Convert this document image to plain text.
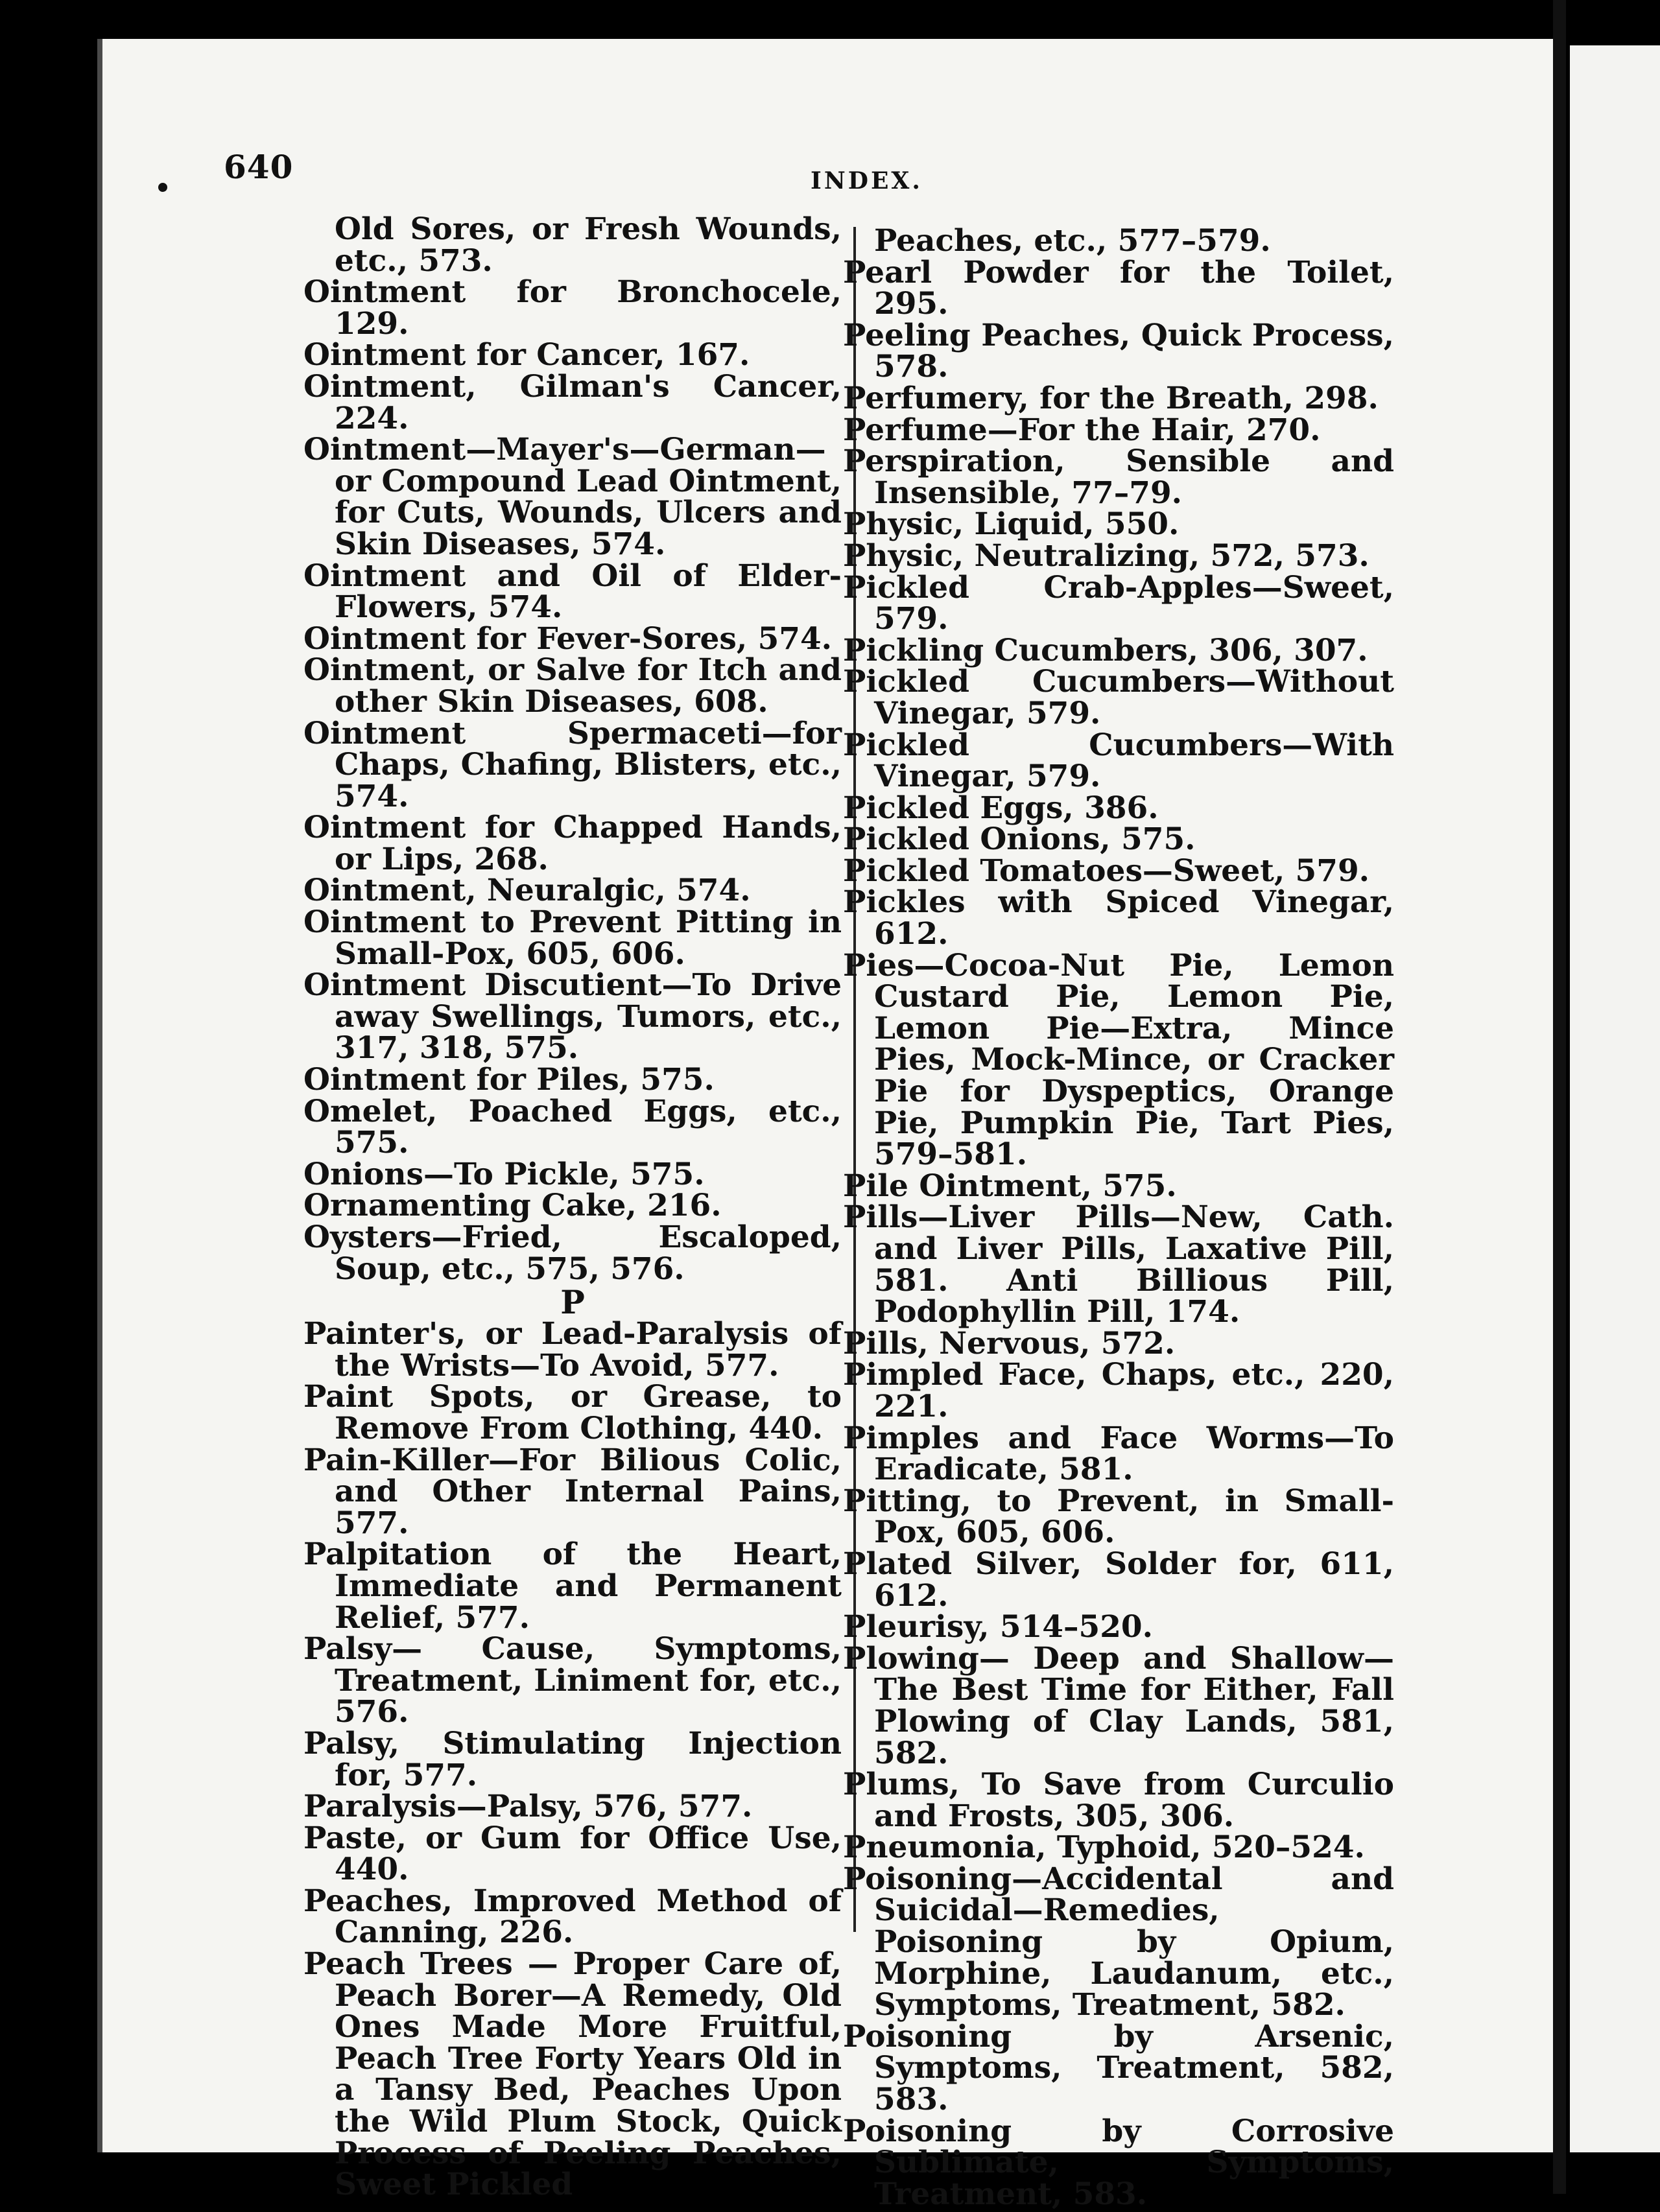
640	INDEX.

Old Sores, or Fresh Wounds, etc., 573.

Ointment for Bronchocele, 129.

Ointment for Cancer, 167.

Ointment, Gilman's Cancer, 224.

Ointment—Mayer's—German—or Compound Lead Ointment, for Cuts, Wounds, Ulcers and Skin Diseases, 574.

Ointment and Oil of Elder-Flowers, 574.

Ointment for Fever-Sores, 574.

Ointment, or Salve for Itch and other Skin Diseases, 608.

Ointment Spermaceti—for Chaps, Chafing, Blisters, etc., 574.

Ointment for Chapped Hands, or Lips, 268.

Ointment, Neuralgic, 574.

Ointment to Prevent Pitting in Small-Pox, 605, 606.

Ointment Discutient—To Drive away Swellings, Tumors, etc., 317, 318, 575.

Ointment for Piles, 575.

Omelet, Poached Eggs, etc., 575.

Onions—To Pickle, 575.

Ornamenting Cake, 216.

Oysters—Fried, Escaloped, Soup, etc., 575, 576.

P

Painter's, or Lead-Paralysis of the Wrists—To Avoid, 577.

Paint Spots, or Grease, to Remove From Clothing, 440.

Pain-Killer—For Bilious Colic, and Other Internal Pains, 577.

Palpitation of the Heart, Immediate and Permanent Relief, 577.

Palsy— Cause, Symptoms, Treatment, Liniment for, etc., 576.

Palsy, Stimulating Injection for, 577.

Paralysis—Palsy, 576, 577.

Paste, or Gum for Office Use, 440.

Peaches, Improved Method of Canning, 226.

Peach Trees — Proper Care of, Peach Borer—A Remedy, Old Ones Made More Fruitful, Peach Tree Forty Years Old in a Tansy Bed, Peaches Upon the Wild Plum Stock, Quick Process of Peeling Peaches, Sweet Pickled

Peaches, etc., 577–579.

Pearl Powder for the Toilet, 295.

Peeling Peaches, Quick Process, 578.

Perfumery, for the Breath, 298.

Perfume—For the Hair, 270.

Perspiration, Sensible and Insensible, 77–79.

Physic, Liquid, 550.

Physic, Neutralizing, 572, 573.

Pickled Crab-Apples—Sweet, 579.

Pickling Cucumbers, 306, 307.

Pickled Cucumbers—Without Vinegar, 579.

Pickled Cucumbers—With Vinegar, 579.

Pickled Eggs, 386.

Pickled Onions, 575.

Pickled Tomatoes—Sweet, 579.

Pickles with Spiced Vinegar, 612.

Pies—Cocoa-Nut Pie, Lemon Custard Pie, Lemon Pie, Lemon Pie—Extra, Mince Pies, Mock-Mince, or Cracker Pie for Dyspeptics, Orange Pie, Pumpkin Pie, Tart Pies, 579–581.

Pile Ointment, 575.

Pills—Liver Pills—New, Cath. and Liver Pills, Laxative Pill, 581. Anti Billious Pill, Podophyllin Pill, 174.

Pills, Nervous, 572.

Pimpled Face, Chaps, etc., 220, 221.

Pimples and Face Worms—To Eradicate, 581.

Pitting, to Prevent, in Small-Pox, 605, 606.

Plated Silver, Solder for, 611, 612.

Pleurisy, 514–520.

Plowing— Deep and Shallow—The Best Time for Either, Fall Plowing of Clay Lands, 581, 582.

Plums, To Save from Curculio and Frosts, 305, 306.

Pneumonia, Typhoid, 520–524.

Poisoning—Accidental and Suicidal—Remedies, Poisoning by Opium, Morphine, Laudanum, etc., Symptoms, Treatment, 582.

Poisoning by Arsenic, Symptoms, Treatment, 582, 583.

Poisoning by Corrosive Sublimate, Symptoms, Treatment, 583.
